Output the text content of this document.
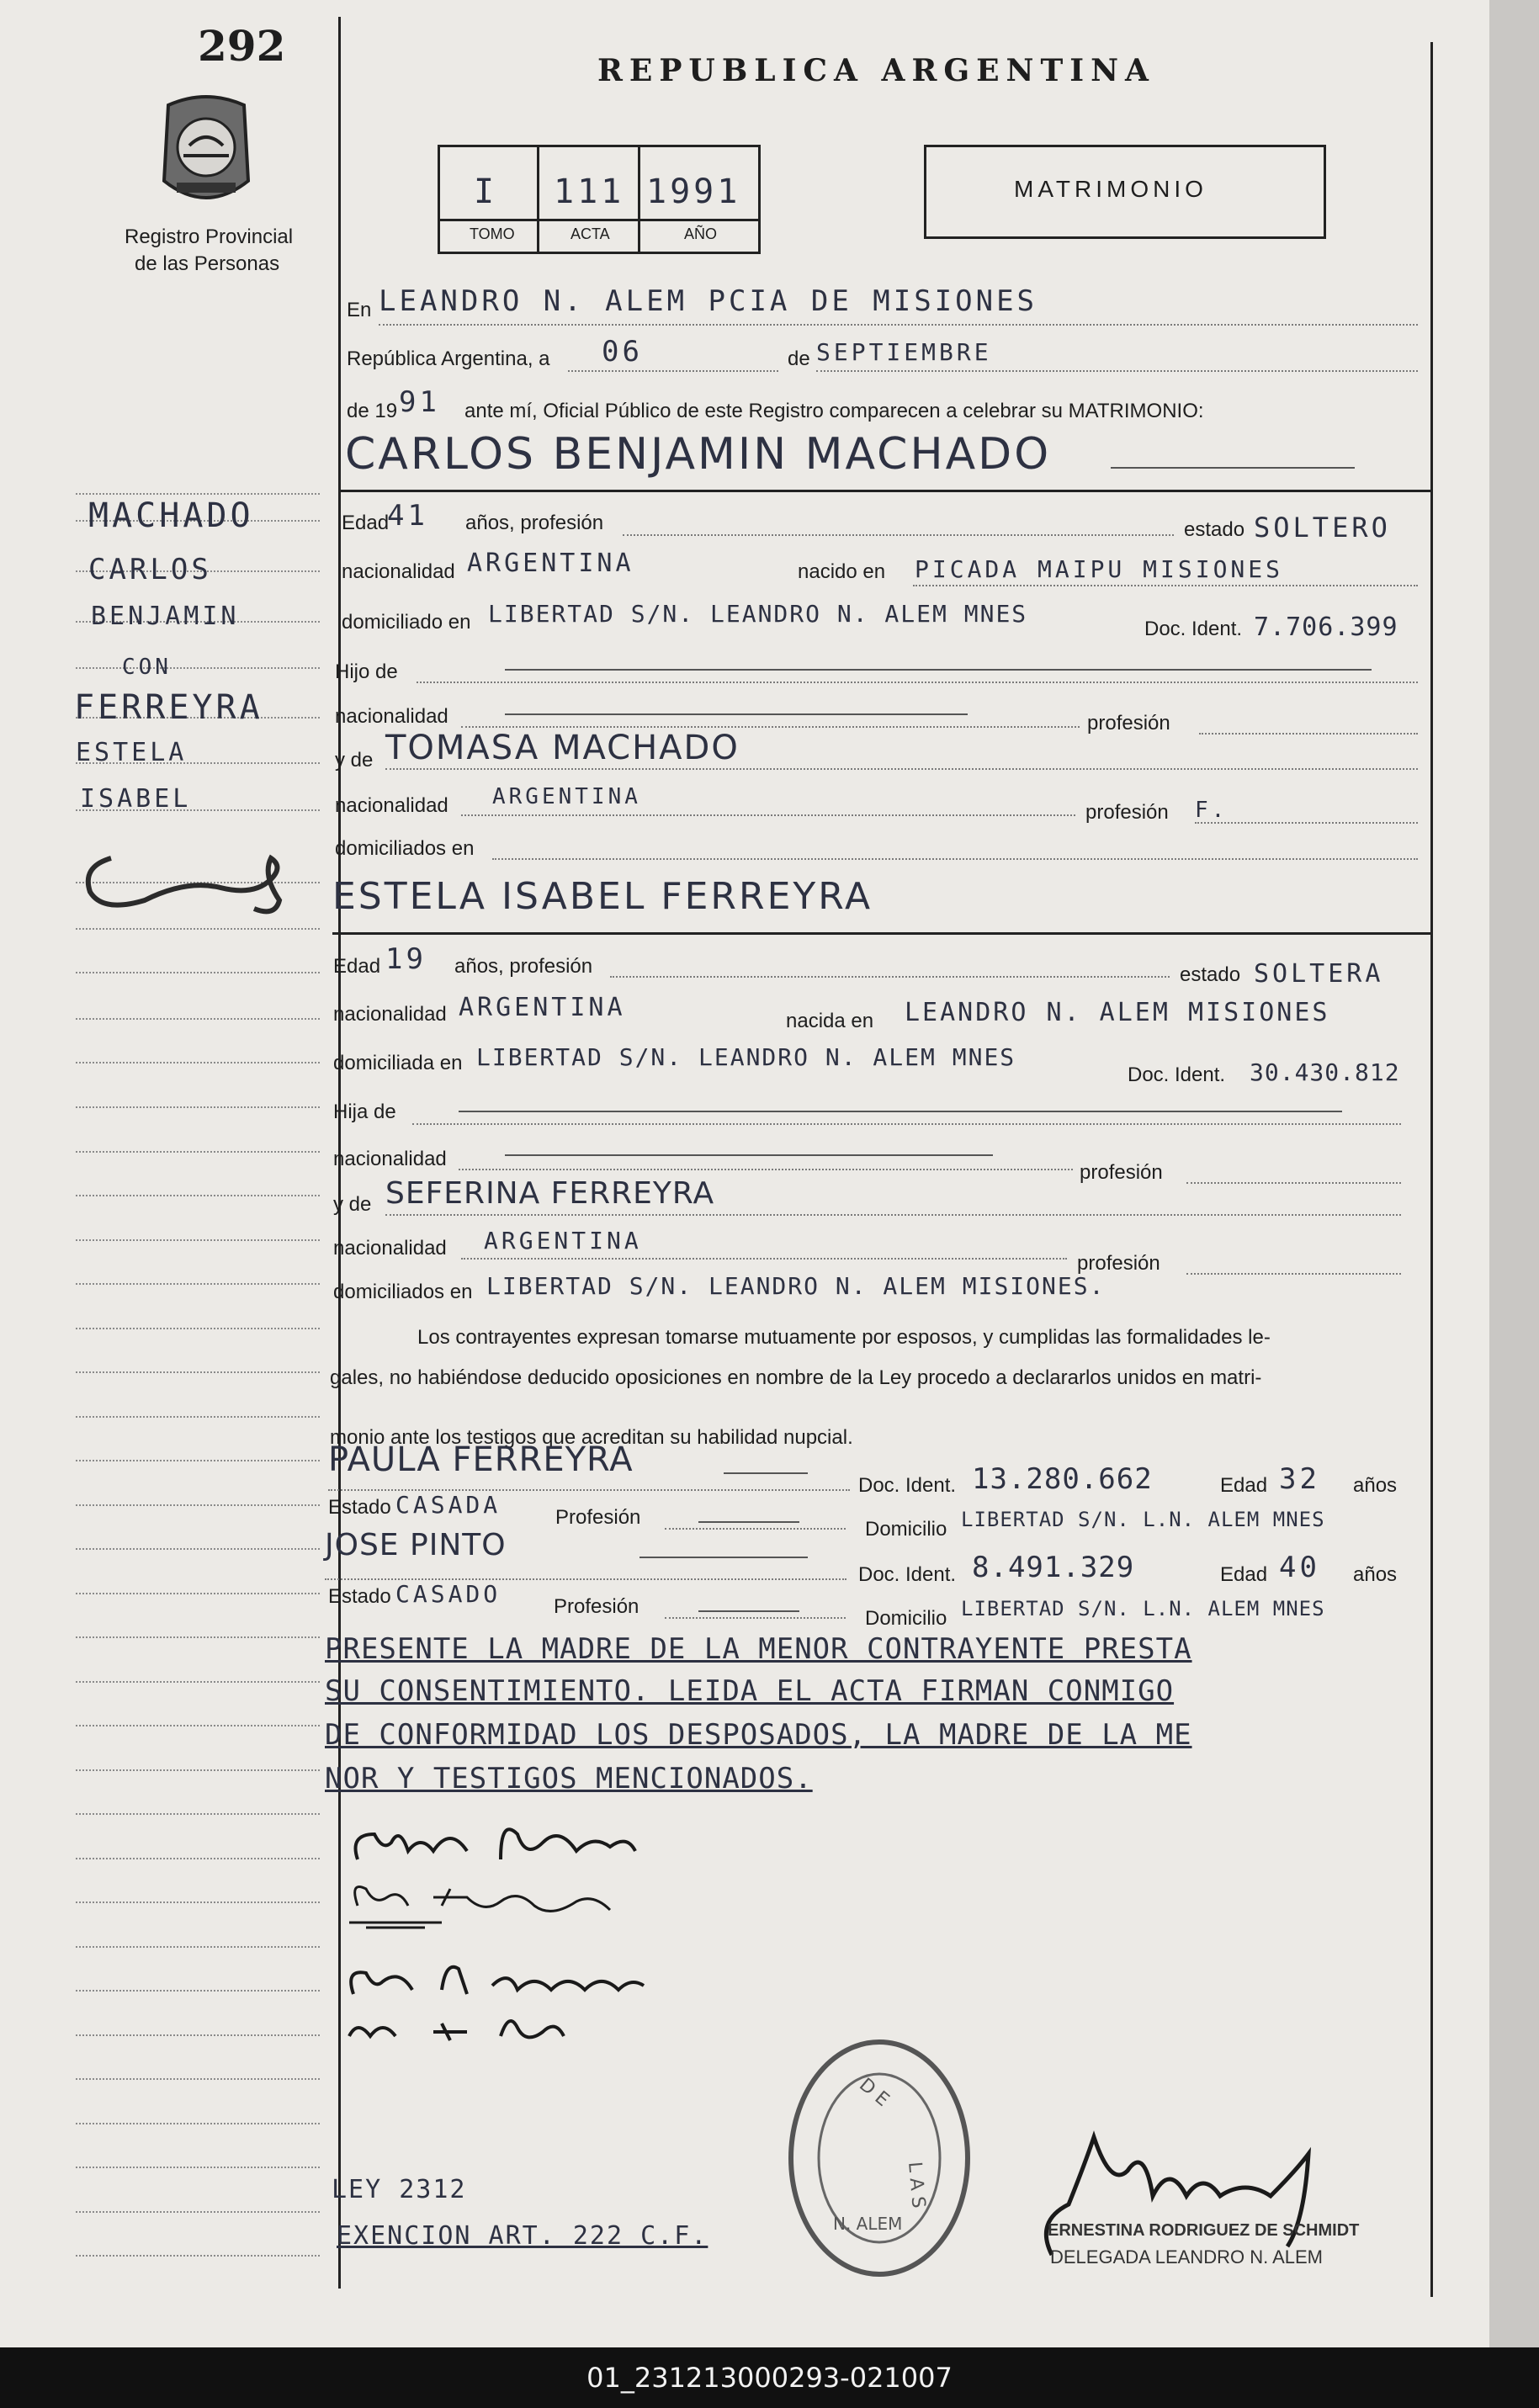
292
Registro Provincial
de las Personas
MACHADO
CARLOS
BENJAMIN
CON
FERREYRA
ESTELA
ISABEL
REPUBLICA ARGENTINA
I 111 1991
TOMO	ACTA	AÑO
MATRIMONIO
En LEANDRO N. ALEM PCIA DE MISIONES
República Argentina, a 06	de SEPTIEMBRE
de 19 91 ante mí, Oficial Público de este Registro comparecen a celebrar su MATRIMONIO:
CARLOS BENJAMIN MACHADO
Edad
41 años, profesión	estado SOLTERO
nacionalidad ARGENTINA	nacido en PICADA MAIPU MISIONES
domiciliado en LIBERTAD S/N. LEANDRO N. ALEM MNES
Doc. Ident. 7.706.399
Hijo de
nacionalidad	profesión
y de TOMASA MACHADO
nacionalidad ARGENTINA
profesión F.
domiciliados en
ESTELA ISABEL FERREYRA
Edad 19 años, profesión	estado SOLTERA
nacionalidad ARGENTINA	nacida en LEANDRO N. ALEM MISIONES
domiciliada en LIBERTAD S/N. LEANDRO N. ALEM MNES
Doc. Ident. 30.430.812
Hija de
nacionalidad
profesión
y de SEFERINA FERREYRA
nacionalidad ARGENTINA
profesión
domiciliados en LIBERTAD S/N. LEANDRO N. ALEM MISIONES.
Los contrayentes expresan tomarse mutuamente por esposos, y cumplidas las formalidades le-
gales, no habiéndose deducido oposiciones en nombre de la Ley procedo a declararlos unidos en matri-
monio ante los testigos que acreditan su habilidad nupcial.
PAULA FERREYRA
Doc. Ident. 13.280.662	Edad 32 años
Estado CASADA	Profesión
Domicilio LIBERTAD S/N. L.N. ALEM MNES
JOSE PINTO
Doc. Ident. 8.491.329	Edad 40 años
Estado CASADO	Profesión
Domicilio LIBERTAD S/N. L.N. ALEM MNES
PRESENTE LA MADRE DE LA MENOR CONTRAYENTE PRESTA
SU CONSENTIMIENTO. LEIDA EL ACTA FIRMAN CONMIGO
DE CONFORMIDAD LOS DESPOSADOS, LA MADRE DE LA ME
NOR Y TESTIGOS MENCIONADOS.
D E
L A S
N. ALEM	ERNESTINA RODRIGUEZ DE SCHMIDT
DELEGADA LEANDRO N. ALEM
LEY 2312
EXENCION ART. 222 C.F.
01_231213000293-021007
